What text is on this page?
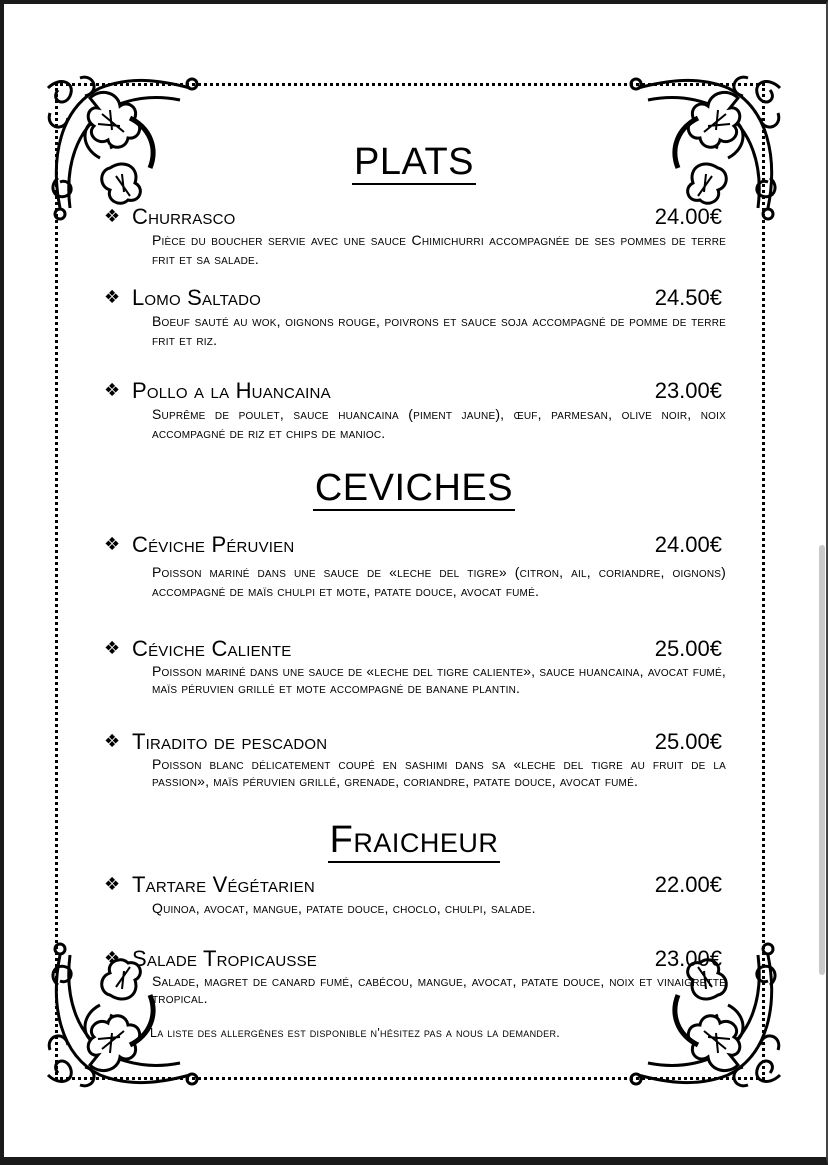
PLATS
❖ Churrasco	24.00€
Pièce du boucher servie avec une sauce Chimichurri accompagnée de ses pommes de terre frit et sa salade.
❖ Lomo Saltado	24.50€
Boeuf sauté au wok, oignons rouge, poivrons et sauce soja accompagné de pomme de terre frit et riz.
❖ Pollo a la Huancaina	23.00€
Suprême de poulet, sauce huancaina (piment jaune), œuf, parmesan, olive noir, noix accompagné de riz et chips de manioc.
CEVICHES
❖ Céviche Péruvien	24.00€
Poisson mariné dans une sauce de «leche del tigre» (citron, ail, coriandre, oignons) accompagné de maïs chulpi et mote, patate douce, avocat fumé.
❖ Céviche Caliente	25.00€
Poisson mariné dans une sauce de «leche del tigre caliente», sauce huancaina, avocat fumé, maïs péruvien grillé et mote accompagné de banane plantin.
❖ Tiradito de pescadon	25.00€
Poisson blanc délicatement coupé en sashimi dans sa «leche del tigre au fruit de la passion», maïs péruvien grillé, grenade, coriandre, patate douce, avocat fumé.
Fraicheur
❖ Tartare Végétarien	22.00€
Quinoa, avocat, mangue, patate douce, choclo, chulpi, salade.
❖ Salade Tropicausse	23.00€
Salade, magret de canard fumé, cabécou, mangue, avocat, patate douce, noix et vinaigrette tropical.
La liste des allergènes est disponible n'hésitez pas a nous la demander.
